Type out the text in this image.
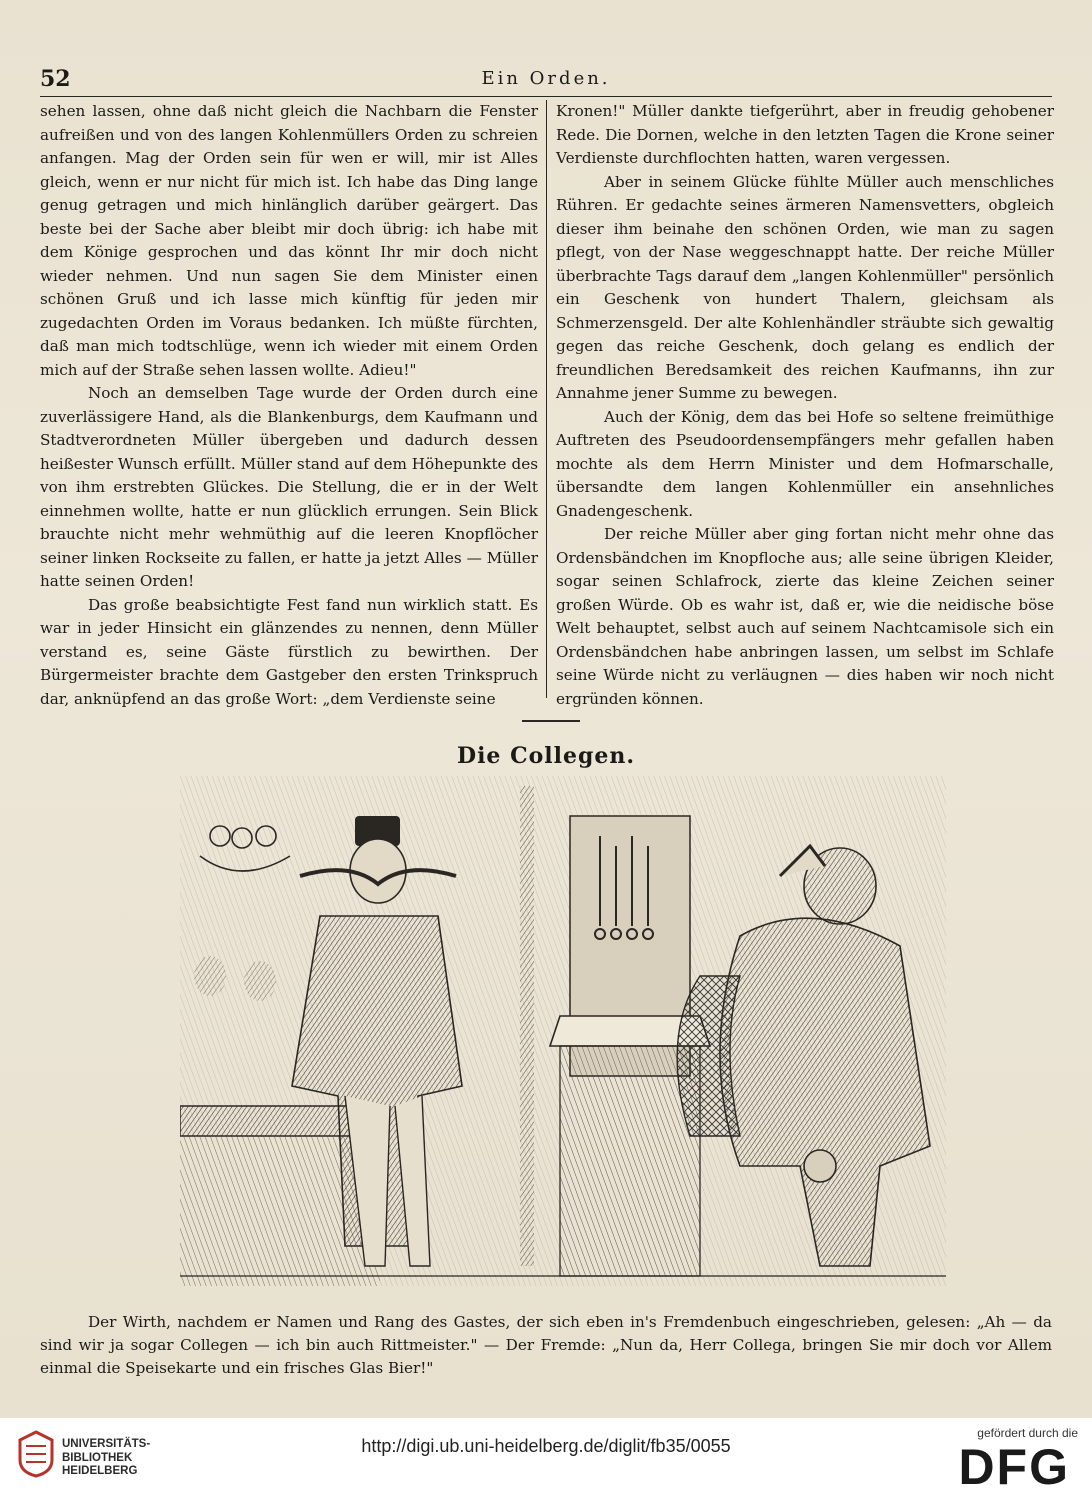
52	Ein Orden.

sehen lassen, ohne daß nicht gleich die Nachbarn die Fenster aufreißen und von des langen Kohlenmüllers Orden zu schreien anfangen. Mag der Orden sein für wen er will, mir ist Alles gleich, wenn er nur nicht für mich ist. Ich habe das Ding lange genug getragen und mich hinlänglich darüber geärgert. Das beste bei der Sache aber bleibt mir doch übrig: ich habe mit dem Könige gesprochen und das könnt Ihr mir doch nicht wieder nehmen. Und nun sagen Sie dem Minister einen schönen Gruß und ich lasse mich künftig für jeden mir zugedachten Orden im Voraus bedanken. Ich müßte fürchten, daß man mich todtschlüge, wenn ich wieder mit einem Orden mich auf der Straße sehen lassen wollte. Adieu!"

Noch an demselben Tage wurde der Orden durch eine zuverlässigere Hand, als die Blankenburgs, dem Kaufmann und Stadtverordneten Müller übergeben und dadurch dessen heißester Wunsch erfüllt. Müller stand auf dem Höhepunkte des von ihm erstrebten Glückes. Die Stellung, die er in der Welt einnehmen wollte, hatte er nun glücklich errungen. Sein Blick brauchte nicht mehr wehmüthig auf die leeren Knopflöcher seiner linken Rockseite zu fallen, er hatte ja jetzt Alles — Müller hatte seinen Orden!

Das große beabsichtigte Fest fand nun wirklich statt. Es war in jeder Hinsicht ein glänzendes zu nennen, denn Müller verstand es, seine Gäste fürstlich zu bewirthen. Der Bürgermeister brachte dem Gastgeber den ersten Trinkspruch dar, anknüpfend an das große Wort: „dem Verdienste seine

Kronen!" Müller dankte tiefgerührt, aber in freudig gehobener Rede. Die Dornen, welche in den letzten Tagen die Krone seiner Verdienste durchflochten hatten, waren vergessen.

Aber in seinem Glücke fühlte Müller auch menschliches Rühren. Er gedachte seines ärmeren Namensvetters, obgleich dieser ihm beinahe den schönen Orden, wie man zu sagen pflegt, von der Nase weggeschnappt hatte. Der reiche Müller überbrachte Tags darauf dem „langen Kohlenmüller" persönlich ein Geschenk von hundert Thalern, gleichsam als Schmerzensgeld. Der alte Kohlenhändler sträubte sich gewaltig gegen das reiche Geschenk, doch gelang es endlich der freundlichen Beredsamkeit des reichen Kaufmanns, ihn zur Annahme jener Summe zu bewegen.

Auch der König, dem das bei Hofe so seltene freimüthige Auftreten des Pseudoordensempfängers mehr gefallen haben mochte als dem Herrn Minister und dem Hofmarschalle, übersandte dem langen Kohlenmüller ein ansehnliches Gnadengeschenk.

Der reiche Müller aber ging fortan nicht mehr ohne das Ordensbändchen im Knopfloche aus; alle seine übrigen Kleider, sogar seinen Schlafrock, zierte das kleine Zeichen seiner großen Würde. Ob es wahr ist, daß er, wie die neidische böse Welt behauptet, selbst auch auf seinem Nachtcamisole sich ein Ordensbändchen habe anbringen lassen, um selbst im Schlafe seine Würde nicht zu verläugnen — dies haben wir noch nicht ergründen können.

Die Collegen.

Der Wirth, nachdem er Namen und Rang des Gastes, der sich eben in's Fremdenbuch eingeschrieben, gelesen: „Ah — da sind wir ja sogar Collegen — ich bin auch Rittmeister." — Der Fremde: „Nun da, Herr Collega, bringen Sie mir doch vor Allem einmal die Speisekarte und ein frisches Glas Bier!"

UNIVERSITÄTS-
BIBLIOTHEK
HEIDELBERG
http://digi.ub.uni-heidelberg.de/diglit/fb35/0055
gefördert durch die
DFG
